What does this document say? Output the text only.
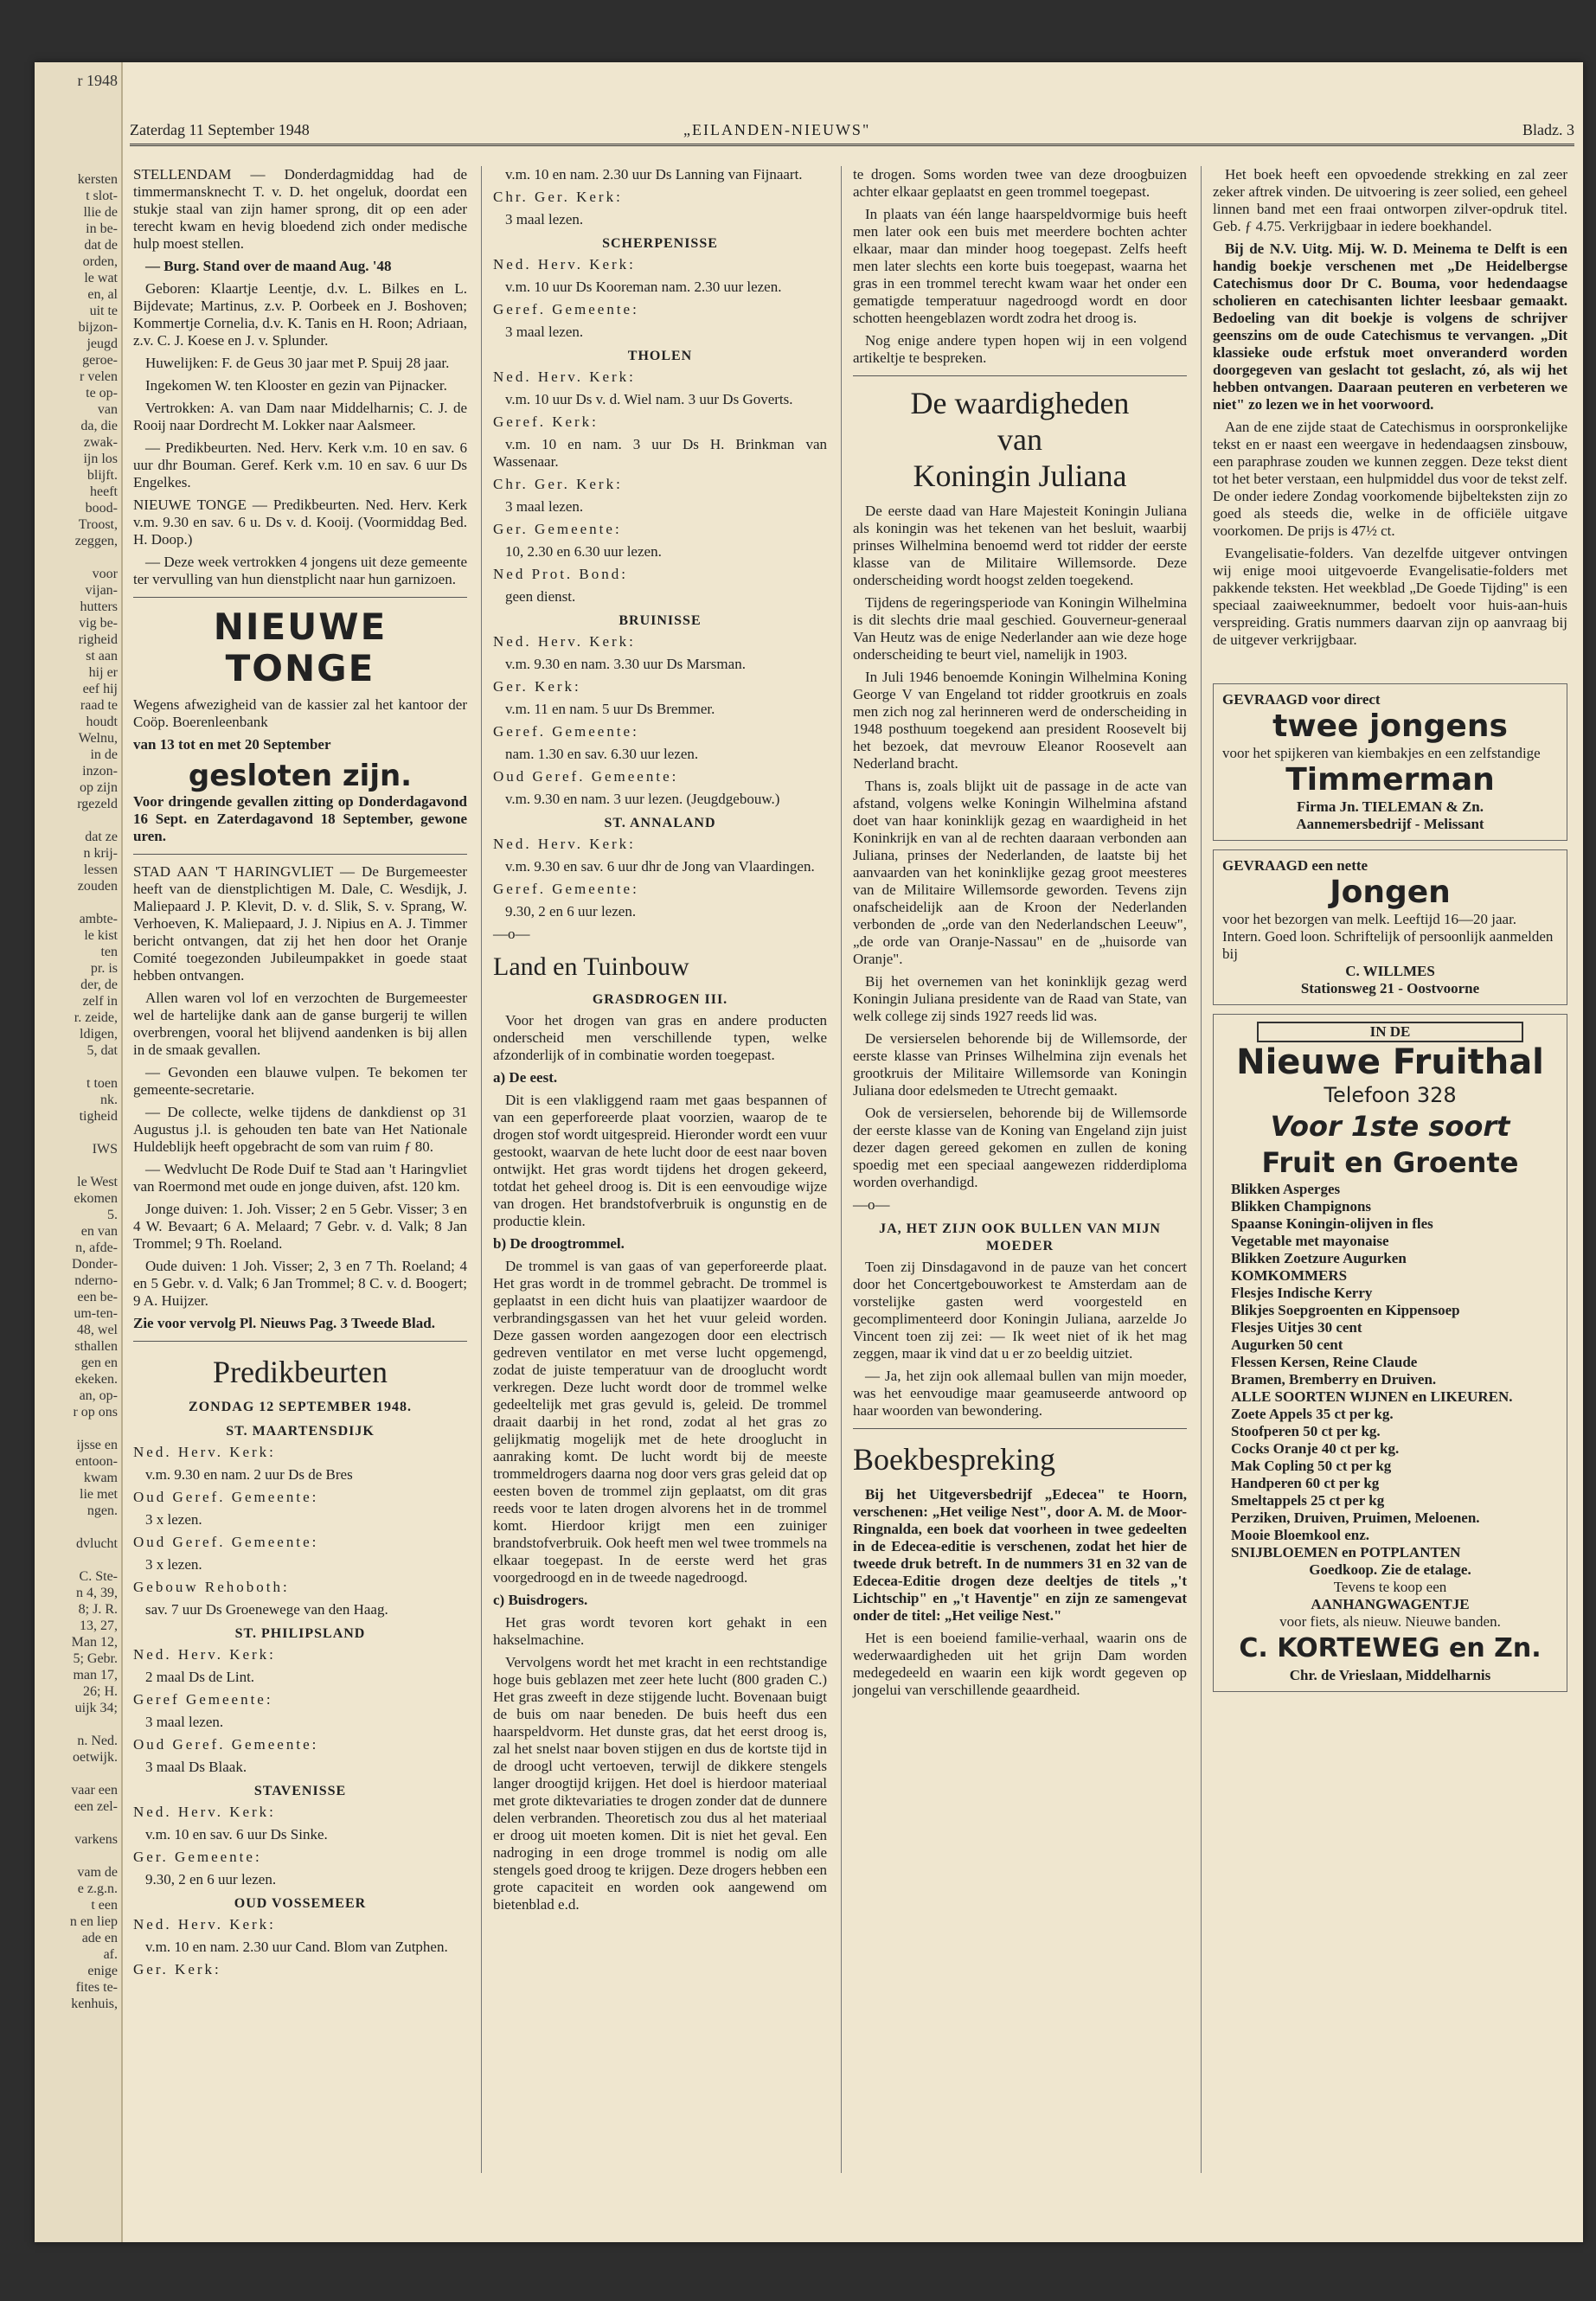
r 1948
kersten
t slot-
llie de
in be-
dat de
orden,
le wat
en, al
uit te
bijzon-
jeugd
geroe-
r velen
te op-
van
da, die
zwak-
ijn los
blijft.
heeft
bood-
Troost,
zeggen,

voor
vijan-
hutters
vig be-
righeid
st aan
hij er
eef hij
raad te
houdt
Welnu,
in de
inzon-
op zijn
rgezeld

dat ze
n krij-
lessen
zouden

ambte-
le kist
ten
pr. is
der, de
zelf in
r. zeide,
ldigen,
5, dat

t toen
nk.
tigheid

IWS

le West
ekomen
5.
en van
n, afde-
Donder-
nderno-
een be-
um-ten-
48, wel
sthallen
gen en
ekeken.
an, op-
r op ons

ijsse en
entoon-
kwam
lie met
ngen.

dvlucht

C. Ste-
n 4, 39,
8; J. R.
13, 27,
Man 12,
5; Gebr.
man 17,
26; H.
uijk 34;

n. Ned.
oetwijk.

vaar een
een zel-

varkens

vam de
e z.g.n.
t een
n en liep
ade en
af.
enige
fites te-
kenhuis,
Zaterdag 11 September 1948	„EILANDEN-NIEUWS"	Bladz. 3

STELLENDAM — Donderdagmiddag had de timmermansknecht T. v. D. het ongeluk, doordat een stukje staal van zijn hamer sprong, dit op een ader terecht kwam en hevig bloedend zich onder medische hulp moest stellen.

— Burg. Stand over de maand Aug. '48

Geboren: Klaartje Leentje, d.v. L. Bilkes en L. Bijdevate; Martinus, z.v. P. Oorbeek en J. Boshoven; Kommertje Cornelia, d.v. K. Tanis en H. Roon; Adriaan, z.v. C. J. Koese en J. v. Splunder.

Huwelijken: F. de Geus 30 jaar met P. Spuij 28 jaar.

Ingekomen W. ten Klooster en gezin van Pijnacker.

Vertrokken: A. van Dam naar Middelharnis; C. J. de Rooij naar Dordrecht M. Lokker naar Aalsmeer.

— Predikbeurten. Ned. Herv. Kerk v.m. 10 en sav. 6 uur dhr Bouman. Geref. Kerk v.m. 10 en sav. 6 uur Ds Engelkes.

NIEUWE TONGE — Predikbeurten. Ned. Herv. Kerk v.m. 9.30 en sav. 6 u. Ds v. d. Kooij. (Voormiddag Bed. H. Doop.)

— Deze week vertrokken 4 jongens uit deze gemeente ter vervulling van hun dienstplicht naar hun garnizoen.

NIEUWE TONGE

Wegens afwezigheid van de kassier zal het kantoor der Coöp. Boerenleenbank

van 13 tot en met 20 September

gesloten zijn.

Voor dringende gevallen zitting op Donderdagavond 16 Sept. en Zaterdagavond 18 September, gewone uren.

STAD AAN 'T HARINGVLIET — De Burgemeester heeft van de dienstplichtigen M. Dale, C. Wesdijk, J. Maliepaard J. P. Klevit, D. v. d. Slik, S. v. Sprang, W. Verhoeven, K. Maliepaard, J. J. Nipius en A. J. Timmer bericht ontvangen, dat zij het hen door het Oranje Comité toegezonden Jubileumpakket in goede staat hebben ontvangen.

Allen waren vol lof en verzochten de Burgemeester wel de hartelijke dank aan de ganse burgerij te willen overbrengen, vooral het blijvend aandenken is bij allen in de smaak gevallen.

— Gevonden een blauwe vulpen. Te bekomen ter gemeente-secretarie.

— De collecte, welke tijdens de dankdienst op 31 Augustus j.l. is gehouden ten bate van Het Nationale Huldeblijk heeft opgebracht de som van ruim ƒ 80.

— Wedvlucht De Rode Duif te Stad aan 't Haringvliet van Roermond met oude en jonge duiven, afst. 120 km.

Jonge duiven: 1. Joh. Visser; 2 en 5 Gebr. Visser; 3 en 4 W. Bevaart; 6 A. Melaard; 7 Gebr. v. d. Valk; 8 Jan Trommel; 9 Th. Roeland.

Oude duiven: 1 Joh. Visser; 2, 3 en 7 Th. Roeland; 4 en 5 Gebr. v. d. Valk; 6 Jan Trommel; 8 C. v. d. Boogert; 9 A. Huijzer.

Zie voor vervolg Pl. Nieuws Pag. 3 Tweede Blad.

Predikbeurten
ZONDAG 12 SEPTEMBER 1948.
ST. MAARTENSDIJK

Ned. Herv. Kerk:

v.m. 9.30 en nam. 2 uur Ds de Bres

Oud Geref. Gemeente:

3 x lezen.

Oud Geref. Gemeente:

3 x lezen.

Gebouw Rehoboth:

sav. 7 uur Ds Groenewege van den Haag.

ST. PHILIPSLAND

Ned. Herv. Kerk:

2 maal Ds de Lint.

Geref Gemeente:

3 maal lezen.

Oud Geref. Gemeente:

3 maal Ds Blaak.

STAVENISSE

Ned. Herv. Kerk:

v.m. 10 en sav. 6 uur Ds Sinke.

Ger. Gemeente:

9.30, 2 en 6 uur lezen.

OUD VOSSEMEER

Ned. Herv. Kerk:

v.m. 10 en nam. 2.30 uur Cand. Blom van Zutphen.

Ger. Kerk:

v.m. 10 en nam. 2.30 uur Ds Lanning van Fijnaart.

Chr. Ger. Kerk:

3 maal lezen.

SCHERPENISSE

Ned. Herv. Kerk:

v.m. 10 uur Ds Kooreman nam. 2.30 uur lezen.

Geref. Gemeente:

3 maal lezen.

THOLEN

Ned. Herv. Kerk:

v.m. 10 uur Ds v. d. Wiel nam. 3 uur Ds Goverts.

Geref. Kerk:

v.m. 10 en nam. 3 uur Ds H. Brinkman van Wassenaar.

Chr. Ger. Kerk:

3 maal lezen.

Ger. Gemeente:

10, 2.30 en 6.30 uur lezen.

Ned Prot. Bond:

geen dienst.

BRUINISSE

Ned. Herv. Kerk:

v.m. 9.30 en nam. 3.30 uur Ds Marsman.

Ger. Kerk:

v.m. 11 en nam. 5 uur Ds Bremmer.

Geref. Gemeente:

nam. 1.30 en sav. 6.30 uur lezen.

Oud Geref. Gemeente:

v.m. 9.30 en nam. 3 uur lezen. (Jeugdgebouw.)

ST. ANNALAND

Ned. Herv. Kerk:

v.m. 9.30 en sav. 6 uur dhr de Jong van Vlaardingen.

Geref. Gemeente:

9.30, 2 en 6 uur lezen.

—o—

Land en Tuinbouw
GRASDROGEN III.

Voor het drogen van gras en andere producten onderscheid men verschillende typen, welke afzonderlijk of in combinatie worden toegepast.

a) De eest.

Dit is een vlakliggend raam met gaas bespannen of van een geperforeerde plaat voorzien, waarop de te drogen stof wordt uitgespreid. Hieronder wordt een vuur gestookt, waarvan de hete lucht door de eest naar boven ontwijkt. Het gras wordt tijdens het drogen gekeerd, totdat het geheel droog is. Dit is een eenvoudige wijze van drogen. Het brandstofverbruik is ongunstig en de productie klein.

b) De droogtrommel.

De trommel is van gaas of van geperforeerde plaat. Het gras wordt in de trommel gebracht. De trommel is geplaatst in een dicht huis van plaatijzer waardoor de verbrandingsgassen van het het vuur geleid worden. Deze gassen worden aangezogen door een electrisch gedreven ventilator en met verse lucht opgemengd, zodat de juiste temperatuur van de drooglucht wordt verkregen. Deze lucht wordt door de trommel welke gedeeltelijk met gras gevuld is, geleid. De trommel draait daarbij in het rond, zodat al het gras zo gelijkmatig mogelijk met de hete drooglucht in aanraking komt. De lucht wordt bij de meeste trommeldrogers daarna nog door vers gras geleid dat op eesten boven de trommel zijn geplaatst, om dit gras reeds voor te laten drogen alvorens het in de trommel komt. Hierdoor krijgt men een zuiniger brandstofverbruik. Ook heeft men wel twee trommels na elkaar toegepast. In de eerste werd het gras voorgedroogd en in de tweede nagedroogd.

c) Buisdrogers.

Het gras wordt tevoren kort gehakt in een hakselmachine.

Vervolgens wordt het met kracht in een rechtstandige hoge buis geblazen met zeer hete lucht (800 graden C.) Het gras zweeft in deze stijgende lucht. Bovenaan buigt de buis om naar beneden. De buis heeft dus een haarspeldvorm. Het dunste gras, dat het eerst droog is, zal het snelst naar boven stijgen en dus de kortste tijd in de droogl ucht vertoeven, terwijl de dikkere stengels langer droogtijd krijgen. Het doel is hierdoor materiaal met grote diktevariaties te drogen zonder dat de dunnere delen verbranden. Theoretisch zou dus al het materiaal er droog uit moeten komen. Dit is niet het geval. Een nadroging in een droge trommel is nodig om alle stengels goed droog te krijgen. Deze drogers hebben een grote capaciteit en worden ook aangewend om bietenblad e.d.

te drogen. Soms worden twee van deze droogbuizen achter elkaar geplaatst en geen trommel toegepast.

In plaats van één lange haarspeldvormige buis heeft men later ook een buis met meerdere bochten achter elkaar, maar dan minder hoog toegepast. Zelfs heeft men later slechts een korte buis toegepast, waarna het gras in een trommel terecht kwam waar het onder een gematigde temperatuur nagedroogd wordt en door schotten heengeblazen wordt zodra het droog is.

Nog enige andere typen hopen wij in een volgend artikeltje te bespreken.

De waardigheden
van
Koningin Juliana

De eerste daad van Hare Majesteit Koningin Juliana als koningin was het tekenen van het besluit, waarbij prinses Wilhelmina benoemd werd tot ridder der eerste klasse van de Militaire Willemsorde. Deze onderscheiding wordt hoogst zelden toegekend.

Tijdens de regeringsperiode van Koningin Wilhelmina is dit slechts drie maal geschied. Gouverneur-generaal Van Heutz was de enige Nederlander aan wie deze hoge onderscheiding te beurt viel, namelijk in 1903.

In Juli 1946 benoemde Koningin Wilhelmina Koning George V van Engeland tot ridder grootkruis en zoals men zich nog zal herinneren werd de onderscheiding in 1948 posthuum toegekend aan president Roosevelt bij het bezoek, dat mevrouw Eleanor Roosevelt aan Nederland bracht.

Thans is, zoals blijkt uit de passage in de acte van afstand, volgens welke Koningin Wilhelmina afstand doet van haar koninklijk gezag en waardigheid in het Koninkrijk en van al de rechten daaraan verbonden aan Juliana, prinses der Nederlanden, de laatste bij het aanvaarden van het koninklijke gezag groot meesteres van de Militaire Willemsorde geworden. Tevens zijn onafscheidelijk aan de Kroon der Nederlanden verbonden de „orde van den Nederlandschen Leeuw", „de orde van Oranje-Nassau" en de „huisorde van Oranje".

Bij het overnemen van het koninklijk gezag werd Koningin Juliana presidente van de Raad van State, van welk college zij sinds 1927 reeds lid was.

De versierselen behorende bij de Willemsorde, der eerste klasse van Prinses Wilhelmina zijn evenals het grootkruis der Militaire Willemsorde van Koningin Juliana door edelsmeden te Utrecht gemaakt.

Ook de versierselen, behorende bij de Willemsorde der eerste klasse van de Koning van Engeland zijn juist dezer dagen gereed gekomen en zullen de koning spoedig met een speciaal aangewezen ridderdiploma worden overhandigd.

—o—

JA, HET ZIJN OOK BULLEN VAN MIJN MOEDER

Toen zij Dinsdagavond in de pauze van het concert door het Concertgebouworkest te Amsterdam aan de vorstelijke gasten werd voorgesteld en gecomplimenteerd door Koningin Juliana, aarzelde Jo Vincent toen zij zei: — Ik weet niet of ik het mag zeggen, maar ik vind dat u er zo beeldig uitziet.

— Ja, het zijn ook allemaal bullen van mijn moeder, was het eenvoudige maar geamuseerde antwoord op haar woorden van bewondering.

Boekbespreking

Bij het Uitgeversbedrijf „Edecea" te Hoorn, verschenen: „Het veilige Nest", door A. M. de Moor-Ringnalda, een boek dat voorheen in twee gedeelten in de Edecea-editie is verschenen, zodat het hier de tweede druk betreft. In de nummers 31 en 32 van de Edecea-Editie drogen deze deeltjes de titels „'t Lichtschip" en „'t Haventje" en zijn ze samengevat onder de titel: „Het veilige Nest."

Het is een boeiend familie-verhaal, waarin ons de wederwaardigheden uit het grijn Dam worden medegedeeld en waarin een kijk wordt gegeven op jongelui van verschillende geaardheid.

Het boek heeft een opvoedende strekking en zal zeer zeker aftrek vinden. De uitvoering is zeer solied, een geheel linnen band met een fraai ontworpen zilver-opdruk titel. Geb. ƒ 4.75. Verkrijgbaar in iedere boekhandel.

Bij de N.V. Uitg. Mij. W. D. Meinema te Delft is een handig boekje verschenen met „De Heidelbergse Catechismus door Dr C. Bouma, voor hedendaagse scholieren en catechisanten lichter leesbaar gemaakt. Bedoeling van dit boekje is volgens de schrijver geenszins om de oude Catechismus te vervangen. „Dit klassieke oude erfstuk moet onveranderd worden doorgegeven van geslacht tot geslacht, zó, als wij het hebben ontvangen. Daaraan peuteren en verbeteren we niet" zo lezen we in het voorwoord.

Aan de ene zijde staat de Catechismus in oorspronkelijke tekst en er naast een weergave in hedendaagsen zinsbouw, een paraphrase zouden we kunnen zeggen. Deze tekst dient tot het beter verstaan, een hulpmiddel dus voor de tekst zelf. De onder iedere Zondag voorkomende bijbelteksten zijn zo goed als steeds die, welke in de officiële uitgave voorkomen. De prijs is 47½ ct.

Evangelisatie-folders. Van dezelfde uitgever ontvingen wij enige mooi uitgevoerde Evangelisatie-folders met pakkende teksten. Het weekblad „De Goede Tijding" is een speciaal zaaiweeknummer, bedoelt voor huis-aan-huis verspreiding. Gratis nummers daarvan zijn op aanvraag bij de uitgever verkrijgbaar.

GEVRAAGD voor direct
twee jongens
voor het spijkeren van kiembakjes en een zelfstandige
Timmerman
Firma Jn. TIELEMAN & Zn.
Aannemersbedrijf - Melissant
GEVRAAGD een nette
Jongen
voor het bezorgen van melk. Leeftijd 16—20 jaar. Intern. Goed loon. Schriftelijk of persoonlijk aanmelden bij
C. WILLMES
Stationsweg 21 - Oostvoorne
IN DE
Nieuwe Fruithal
Telefoon 328
Voor 1ste soort
Fruit en Groente
Blikken Asperges
Blikken Champignons
Spaanse Koningin-olijven in fles
Vegetable met mayonaise
Blikken Zoetzure Augurken
KOMKOMMERS
Flesjes Indische Kerry
Blikjes Soepgroenten en Kippensoep
Flesjes Uitjes 30 cent
Augurken 50 cent
Flessen Kersen, Reine Claude
Bramen, Bremberry en Druiven.
ALLE SOORTEN WIJNEN en LIKEUREN.
Zoete Appels 35 ct per kg.
Stoofperen 50 ct per kg.
Cocks Oranje 40 ct per kg.
Mak Copling 50 ct per kg
Handperen 60 ct per kg
Smeltappels 25 ct per kg
Perziken, Druiven, Pruimen, Meloenen.
Mooie Bloemkool enz.
SNIJBLOEMEN en POTPLANTEN
Goedkoop. Zie de etalage.
Tevens te koop een
AANHANGWAGENTJE
voor fiets, als nieuw. Nieuwe banden.
C. KORTEWEG en Zn.
Chr. de Vrieslaan, Middelharnis
